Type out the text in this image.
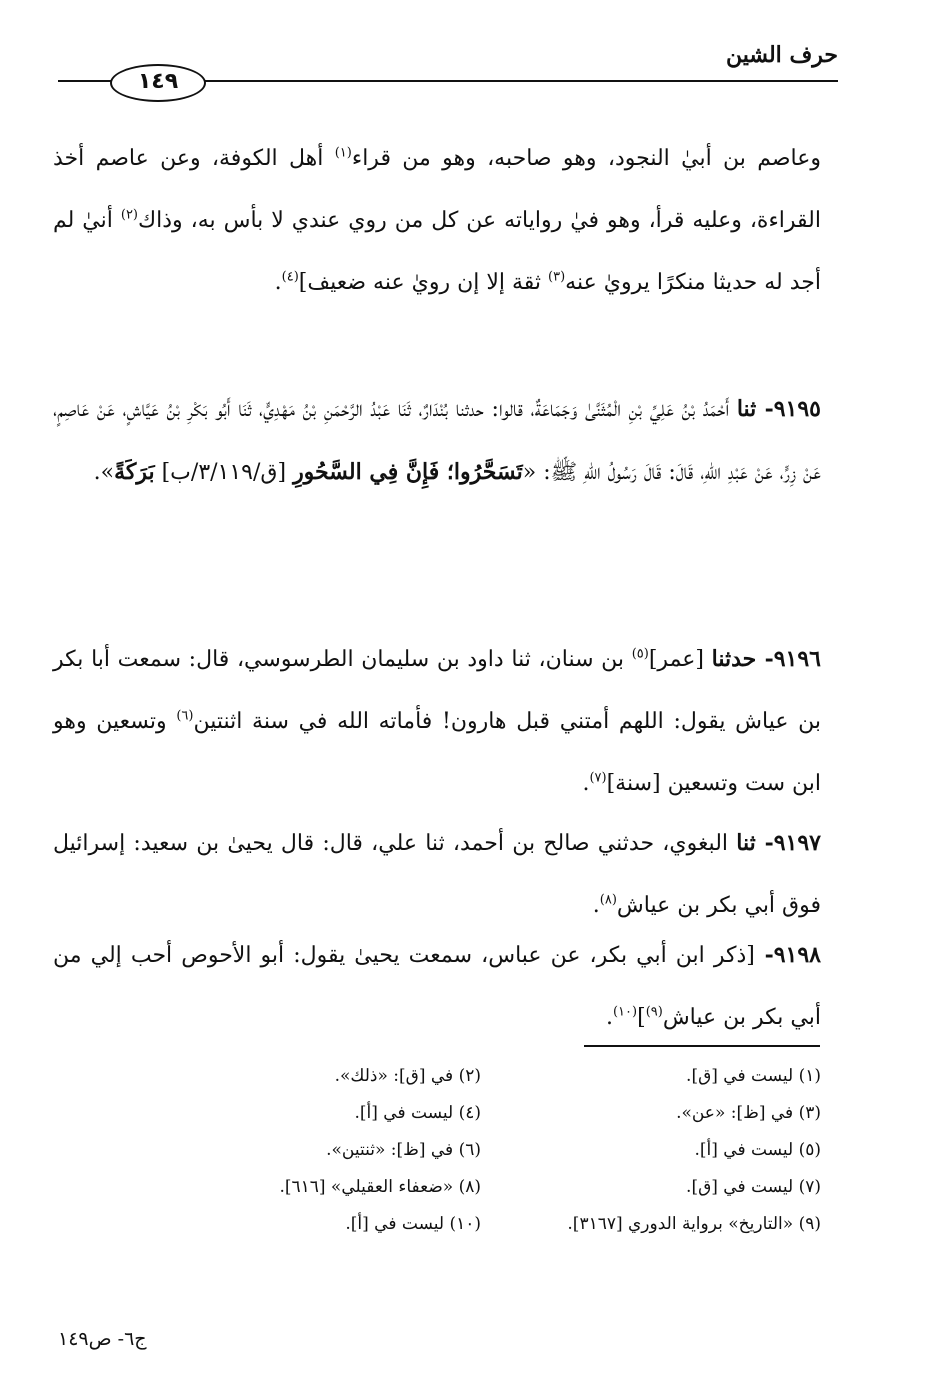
حرف الشين
١٤٩

وعاصم بن أبيٰ النجود، وهو صاحبه، وهو من قراء$^{(١)}$ أهل الكوفة، وعن عاصم أخذ القراءة، وعليه قرأ، وهو فيٰ رواياته عن كل من روي عندي لا بأس به، وذاك$^{(٢)}$ أنيٰ لم أجد له حديثا منكرًا يرويٰ عنه$^{(٣)}$ ثقة إلا إن رويٰ عنه ضعيف]$^{(٤)}$.

٩١٩٥- ثنا أَحْمَدُ بْنُ عَلِيِّ بْنِ الْمُثَنَّىٰ وَجَمَاعَةٌ، قالوا: حدثنا بُنْدَارٌ، ثَنَا عَبْدُ الرَّحْمَنِ بْنُ مَهْدِيٍّ، ثَنَا أَبُو بَكْرِ بْنُ عَيَّاشٍ، عَنْ عَاصِمٍ، عَنْ زِرٍّ، عَنْ عَبْدِ اللهِ، قَالَ: قَالَ رَسُولُ اللهِ ﷺ: «تَسَحَّرُوا؛ فَإِنَّ فِي السَّحُورِ [ق/٣/١١٩/ب] بَرَكَةً».

٩١٩٦- حدثنا [عمر]$^{(٥)}$ بن سنان، ثنا داود بن سليمان الطرسوسي، قال: سمعت أبا بكر بن عياش يقول: اللهم أمتني قبل هارون! فأماته الله في سنة اثنتين$^{(٦)}$ وتسعين وهو ابن ست وتسعين [سنة]$^{(٧)}$.

٩١٩٧- ثنا البغوي، حدثني صالح بن أحمد، ثنا علي، قال: قال يحيىٰ بن سعيد: إسرائيل فوق أبي بكر بن عياش$^{(٨)}$.

٩١٩٨- [ذكر ابن أبي بكر، عن عباس، سمعت يحيىٰ يقول: أبو الأحوص أحب إلي من أبي بكر بن عياش$^{(٩)}$]$^{(١٠)}$.

(١) ليست في [ق].
(٢) في [ق]: «ذلك».
(٣) في [ظ]: «عن».
(٤) ليست في [أ].
(٥) ليست في [أ].
(٦) في [ظ]: «ثنتين».
(٧) ليست في [ق].
(٨) «ضعفاء العقيلي» [٦١٦].
(٩) «التاريخ» برواية الدوري [٣١٦٧].
(١٠) ليست في [أ].
ج٦- ص١٤٩
